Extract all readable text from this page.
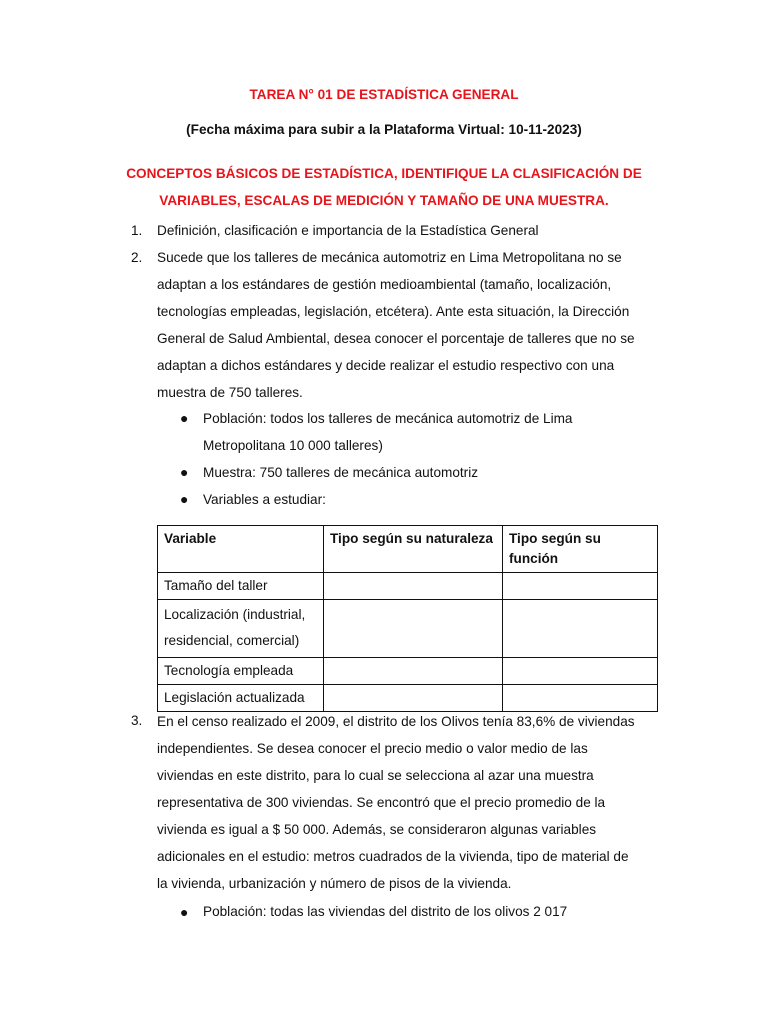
TAREA N° 01 DE ESTADÍSTICA GENERAL
(Fecha máxima para subir a la Plataforma Virtual: 10-11-2023)
CONCEPTOS BÁSICOS DE ESTADÍSTICA, IDENTIFIQUE LA CLASIFICACIÓN DE
VARIABLES, ESCALAS DE MEDICIÓN Y TAMAÑO DE UNA MUESTRA.
1.	Definición, clasificación e importancia de la Estadística General
2.	Sucede que los talleres de mecánica automotriz en Lima Metropolitana no se
adaptan a los estándares de gestión medioambiental (tamaño, localización,
tecnologías empleadas, legislación, etcétera). Ante esta situación, la Dirección
General de Salud Ambiental, desea conocer el porcentaje de talleres que no se
adaptan a dichos estándares y decide realizar el estudio respectivo con una
muestra de 750 talleres.
● Población: todos los talleres de mecánica automotriz de Lima
Metropolitana 10 000 talleres)
● Muestra: 750 talleres de mecánica automotriz
● Variables a estudiar:
Variable	Tipo según su naturaleza	Tipo según su función
Tamaño del taller		

Localización (industrial,
residencial, comercial)		

Tecnología empleada		
Legislación actualizada		
3.	En el censo realizado el 2009, el distrito de los Olivos tenía 83,6% de viviendas
independientes. Se desea conocer el precio medio o valor medio de las
viviendas en este distrito, para lo cual se selecciona al azar una muestra
representativa de 300 viviendas. Se encontró que el precio promedio de la
vivienda es igual a $ 50 000. Además, se consideraron algunas variables
adicionales en el estudio: metros cuadrados de la vivienda, tipo de material de
la vivienda, urbanización y número de pisos de la vivienda.
● Población: todas las viviendas del distrito de los olivos 2 017
